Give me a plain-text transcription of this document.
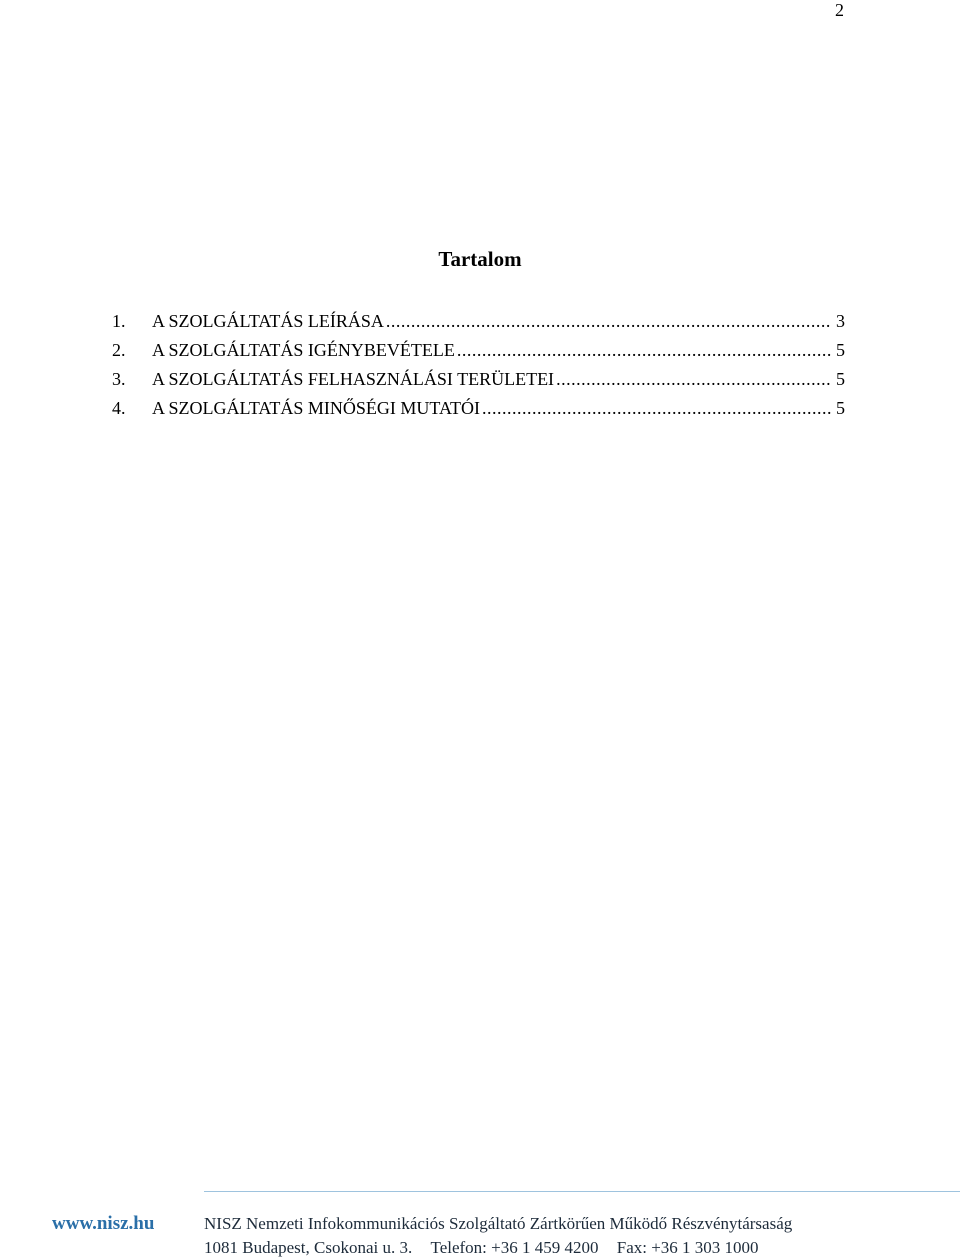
2
Tartalom
1.	A SZOLGÁLTATÁS LEÍRÁSA .....	3
2.	A SZOLGÁLTATÁS IGÉNYBEVÉTELE .....	5
3.	A SZOLGÁLTATÁS FELHASZNÁLÁSI TERÜLETEI .....	5
4.	A SZOLGÁLTATÁS MINŐSÉGI MUTATÓI .....	5
www.nisz.hu	NISZ Nemzeti Infokommunikációs Szolgáltató Zártkörűen Működő Részvénytársaság
1081 Budapest, Csokonai u. 3. Telefon: +36 1 459 4200 Fax: +36 1 303 1000
